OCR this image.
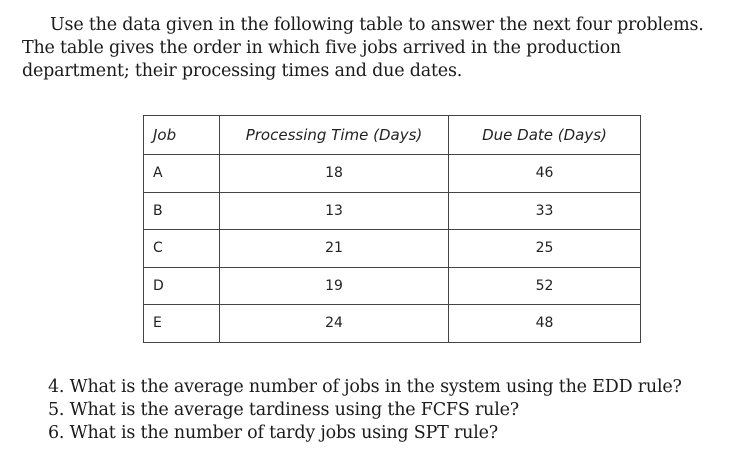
Use the data given in the following table to answer the next four problems. The table gives the order in which five jobs arrived in the production department; their processing times and due dates.

Job	Processing Time (Days)	Due Date (Days)
A	18	46
B	13	33
C	21	25
D	19	52
E	24	48
4. What is the average number of jobs in the system using the EDD rule?
5. What is the average tardiness using the FCFS rule?
6. What is the number of tardy jobs using SPT rule?
